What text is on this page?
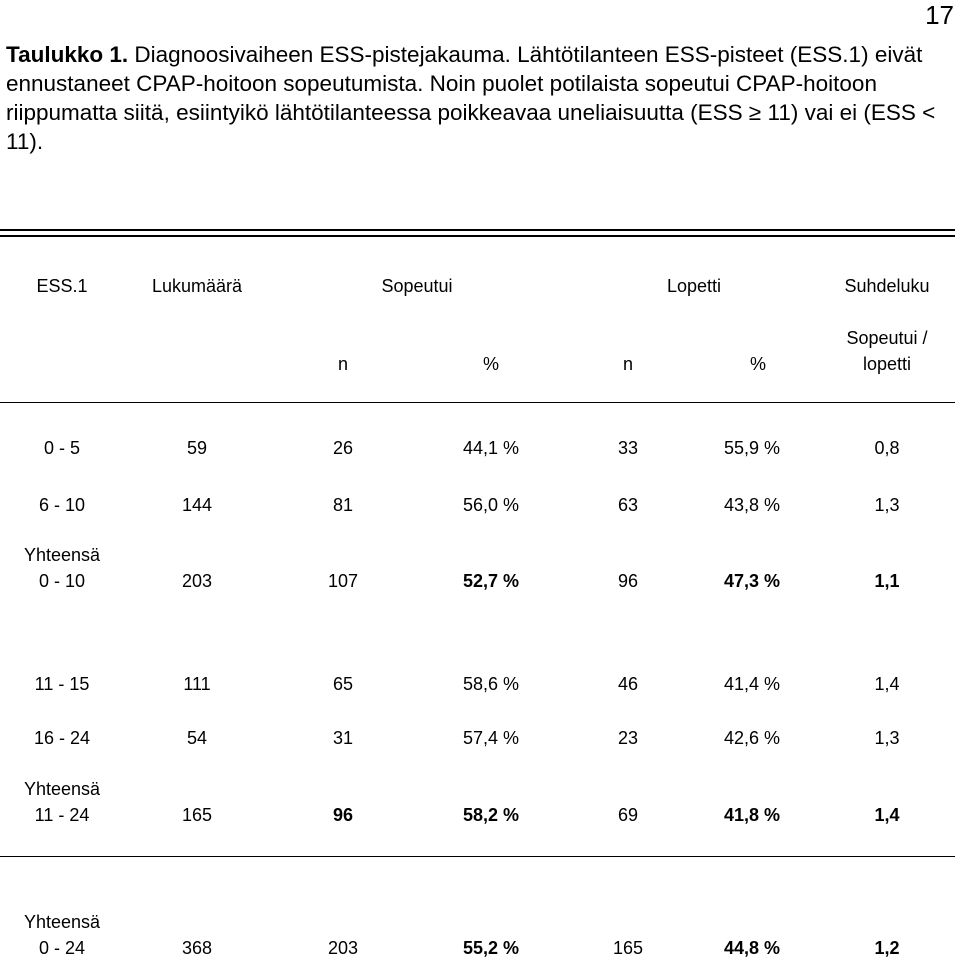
17
Taulukko 1. Diagnoosivaiheen ESS-pistejakauma. Lähtötilanteen ESS-pisteet (ESS.1) eivät ennustaneet CPAP-hoitoon sopeutumista. Noin puolet potilaista sopeutui CPAP-hoitoon riippumatta siitä, esiintyikö lähtötilanteessa poikkeavaa uneliaisuutta (ESS ≥ 11) vai ei (ESS < 11).
ESS.1	Lukumäärä	Sopeutui	Lopetti	Suhdeluku
n	%	n	%
Sopeutui /
lopetti
0 - 5	59	26	44,1 %	33	55,9 %	0,8
6 - 10	144	81	56,0 %	63	43,8 %	1,3
Yhteensä
0 - 10	203	107	52,7 %	96	47,3 %	1,1
11 - 15	111	65	58,6 %	46	41,4 %	1,4
16 - 24	54	31	57,4 %	23	42,6 %	1,3
Yhteensä
11 - 24	165	96	58,2 %	69	41,8 %	1,4
Yhteensä
0 - 24	368	203	55,2 %	165	44,8 %	1,2
